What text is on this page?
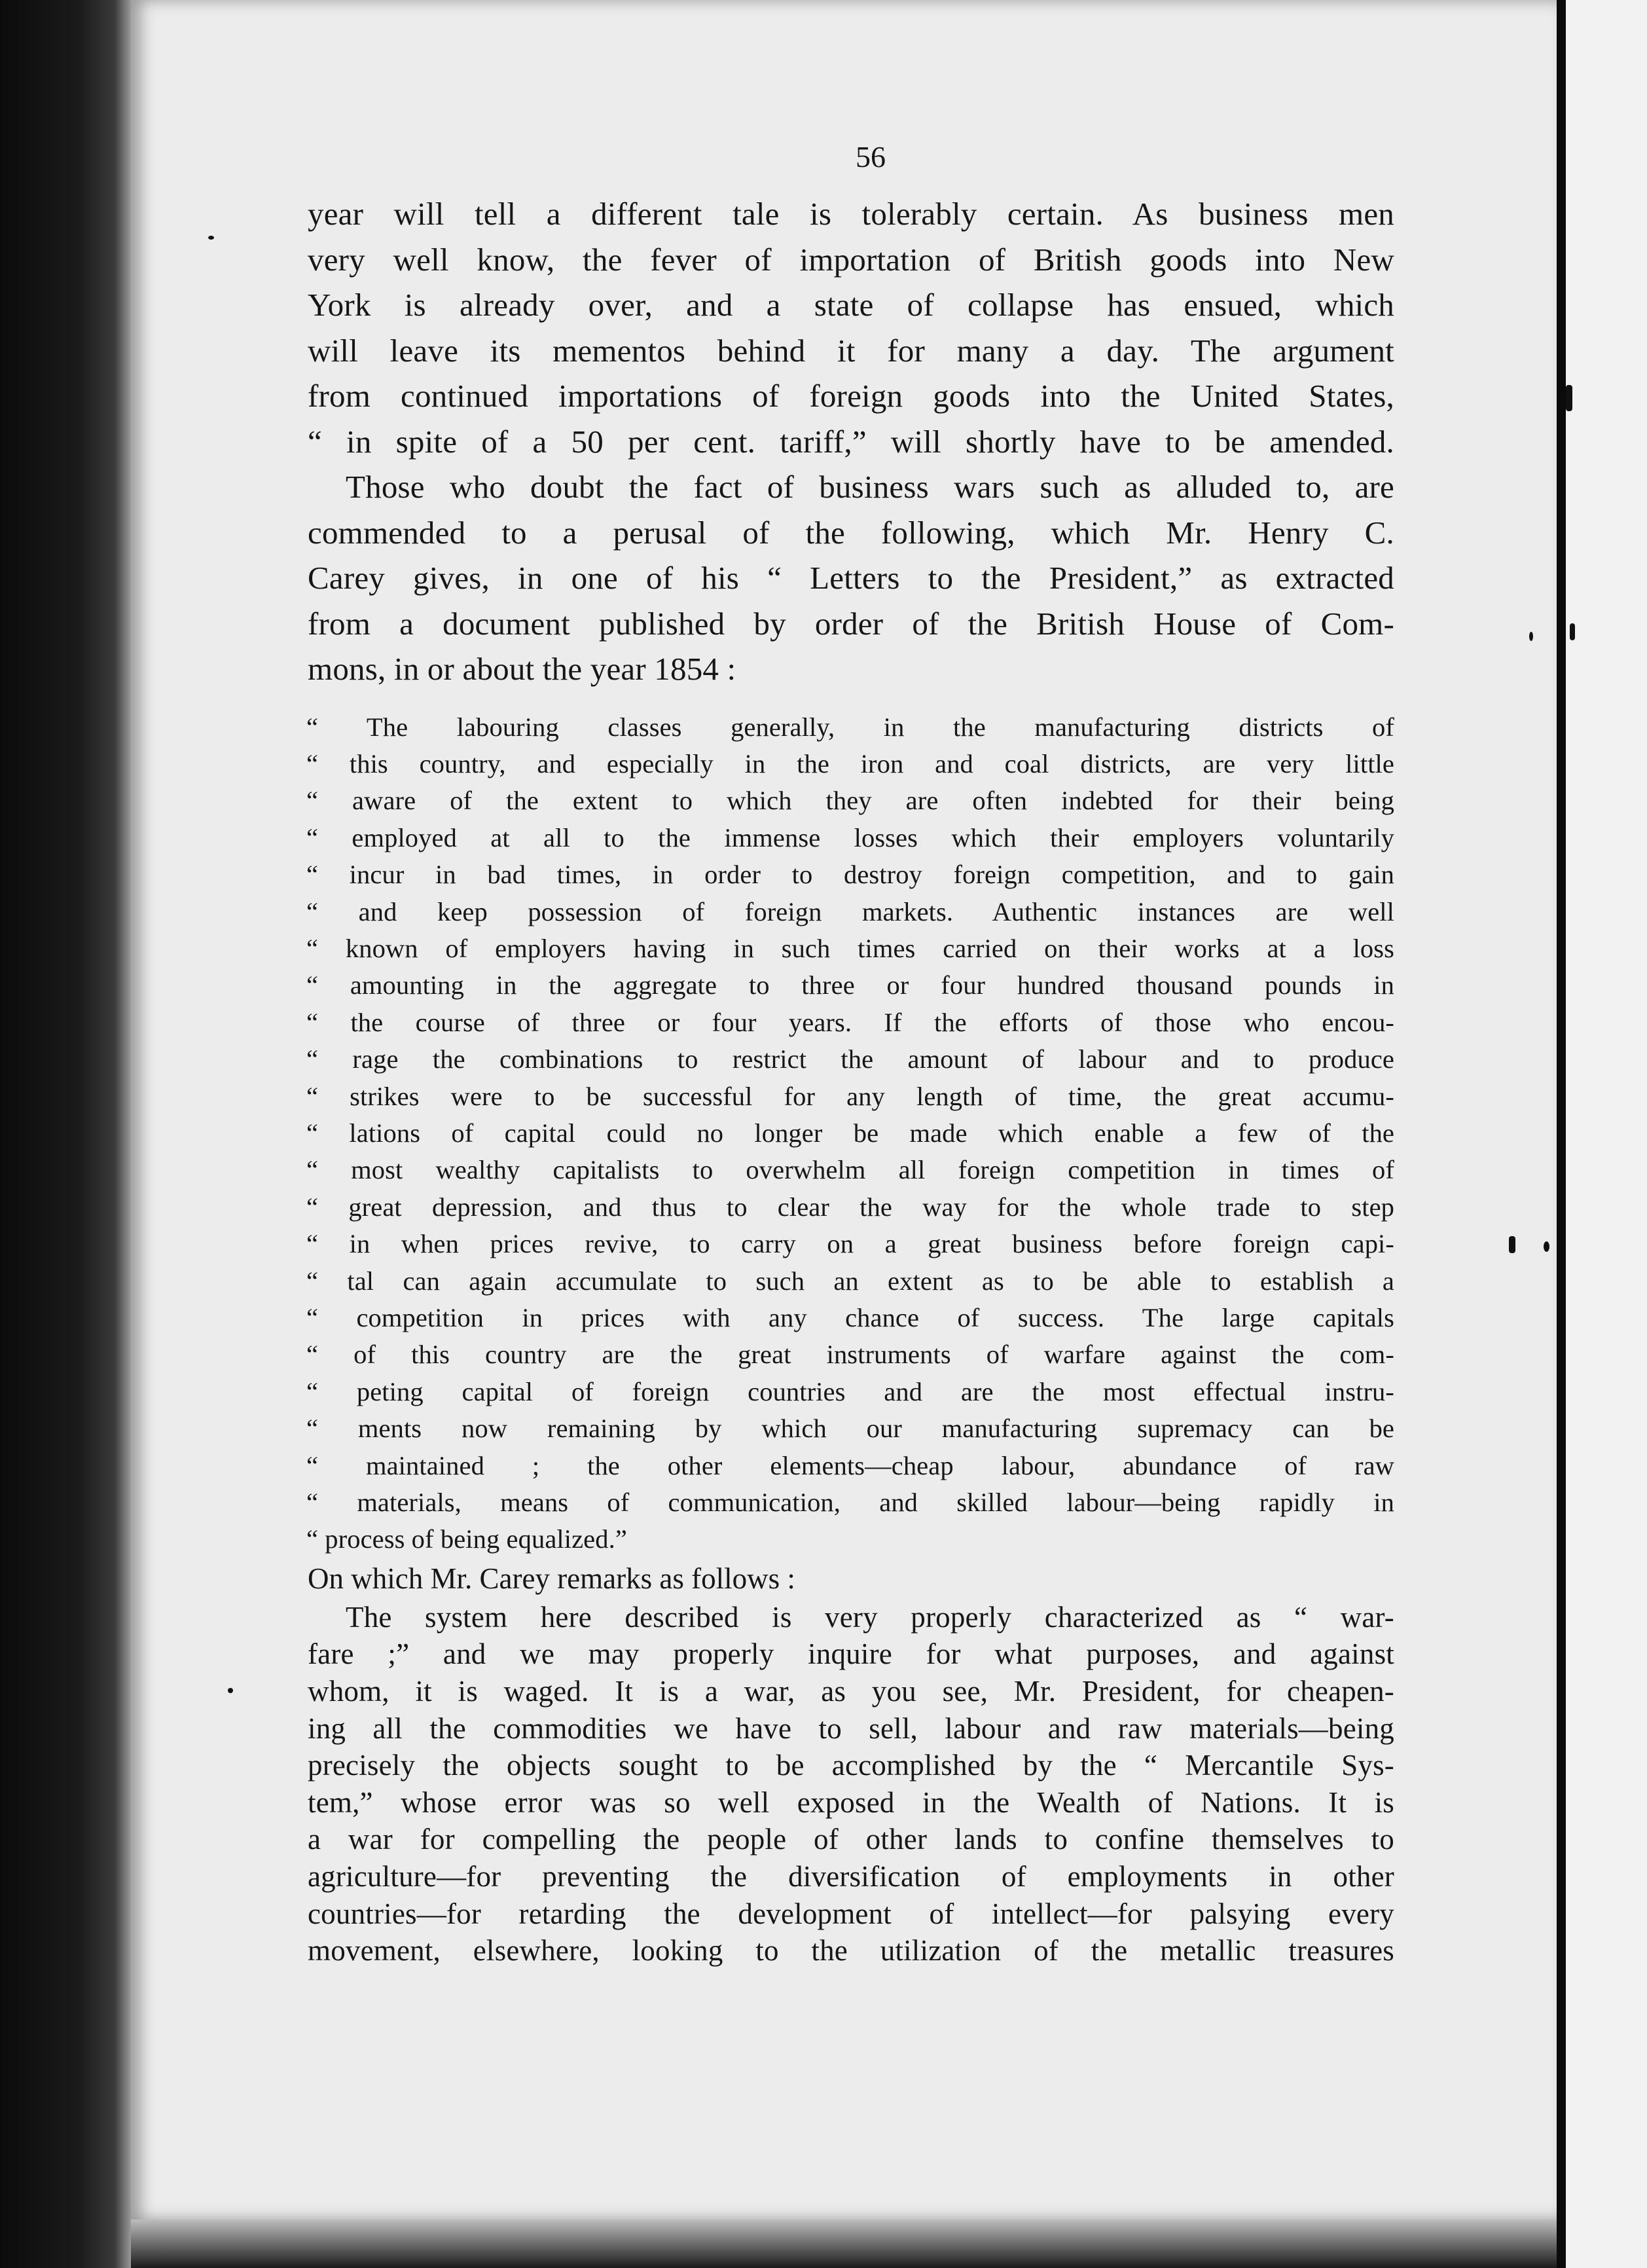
56
year will tell a different tale is tolerably certain. As business men
very well know, the fever of importation of British goods into New
York is already over, and a state of collapse has ensued, which
will leave its mementos behind it for many a day. The argument
from continued importations of foreign goods into the United States,
“ in spite of a 50 per cent. tariff,” will shortly have to be amended.
Those who doubt the fact of business wars such as alluded to, are
commended to a perusal of the following, which Mr. Henry C.
Carey gives, in one of his “ Letters to the President,” as extracted
from a document published by order of the British House of Com-
mons, in or about the year 1854 :
“ The labouring classes generally, in the manufacturing districts of
“ this country, and especially in the iron and coal districts, are very little
“ aware of the extent to which they are often indebted for their being
“ employed at all to the immense losses which their employers voluntarily
“ incur in bad times, in order to destroy foreign competition, and to gain
“ and keep possession of foreign markets. Authentic instances are well
“ known of employers having in such times carried on their works at a loss
“ amounting in the aggregate to three or four hundred thousand pounds in
“ the course of three or four years. If the efforts of those who encou-
“ rage the combinations to restrict the amount of labour and to produce
“ strikes were to be successful for any length of time, the great accumu-
“ lations of capital could no longer be made which enable a few of the
“ most wealthy capitalists to overwhelm all foreign competition in times of
“ great depression, and thus to clear the way for the whole trade to step
“ in when prices revive, to carry on a great business before foreign capi-
“ tal can again accumulate to such an extent as to be able to establish a
“ competition in prices with any chance of success. The large capitals
“ of this country are the great instruments of warfare against the com-
“ peting capital of foreign countries and are the most effectual instru-
“ ments now remaining by which our manufacturing supremacy can be
“ maintained ; the other elements—cheap labour, abundance of raw
“ materials, means of communication, and skilled labour—being rapidly in
“ process of being equalized.”
On which Mr. Carey remarks as follows :
The system here described is very properly characterized as “ war-
fare ;” and we may properly inquire for what purposes, and against
whom, it is waged. It is a war, as you see, Mr. President, for cheapen-
ing all the commodities we have to sell, labour and raw materials—being
precisely the objects sought to be accomplished by the “ Mercantile Sys-
tem,” whose error was so well exposed in the Wealth of Nations. It is
a war for compelling the people of other lands to confine themselves to
agriculture—for preventing the diversification of employments in other
countries—for retarding the development of intellect—for palsying every
movement, elsewhere, looking to the utilization of the metallic treasures
